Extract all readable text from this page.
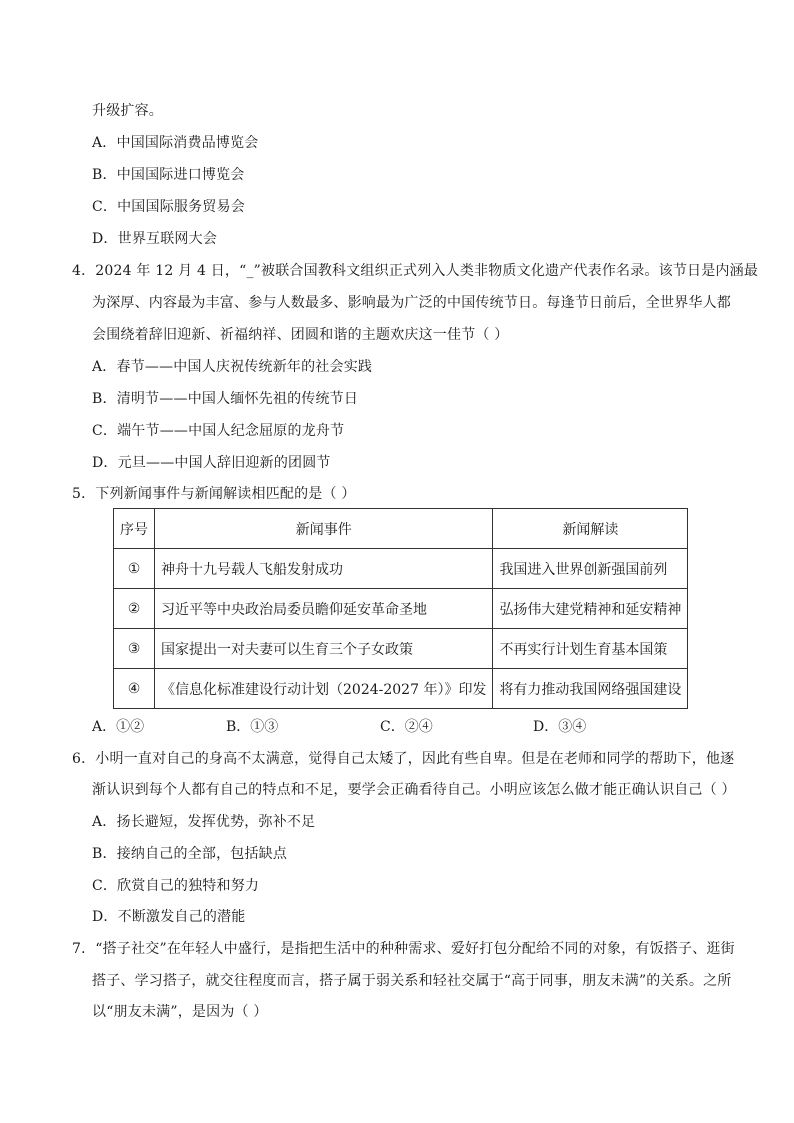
升级扩容。
A．中国国际消费品博览会
B．中国国际进口博览会
C．中国国际服务贸易会
D．世界互联网大会
4．2024 年 12 月 4 日，“_”被联合国教科文组织正式列入人类非物质文化遗产代表作名录。该节日是内涵最
为深厚、内容最为丰富、参与人数最多、影响最为广泛的中国传统节日。每逢节日前后，全世界华人都
会围绕着辞旧迎新、祈福纳祥、团圆和谐的主题欢庆这一佳节（ ）
A．春节——中国人庆祝传统新年的社会实践
B．清明节——中国人缅怀先祖的传统节日
C．端午节——中国人纪念屈原的龙舟节
D．元旦——中国人辞旧迎新的团圆节
5．下列新闻事件与新闻解读相匹配的是（ ）
序号	新闻事件	新闻解读
①	神舟十九号载人飞船发射成功	我国进入世界创新强国前列
②	习近平等中央政治局委员瞻仰延安革命圣地	弘扬伟大建党精神和延安精神
③	国家提出一对夫妻可以生育三个子女政策	不再实行计划生育基本国策
④	《信息化标准建设行动计划（2024-2027 年）》印发	将有力推动我国网络强国建设
A．①②	B．①③	C．②④	D．③④
6．小明一直对自己的身高不太满意，觉得自己太矮了，因此有些自卑。但是在老师和同学的帮助下，他逐
渐认识到每个人都有自己的特点和不足，要学会正确看待自己。小明应该怎么做才能正确认识自己（ ）
A．扬长避短，发挥优势，弥补不足
B．接纳自己的全部，包括缺点
C．欣赏自己的独特和努力
D．不断激发自己的潜能
7．“搭子社交”在年轻人中盛行，是指把生活中的种种需求、爱好打包分配给不同的对象，有饭搭子、逛街
搭子、学习搭子，就交往程度而言，搭子属于弱关系和轻社交属于“高于同事，朋友未满”的关系。之所
以“朋友未满”，是因为（ ）
